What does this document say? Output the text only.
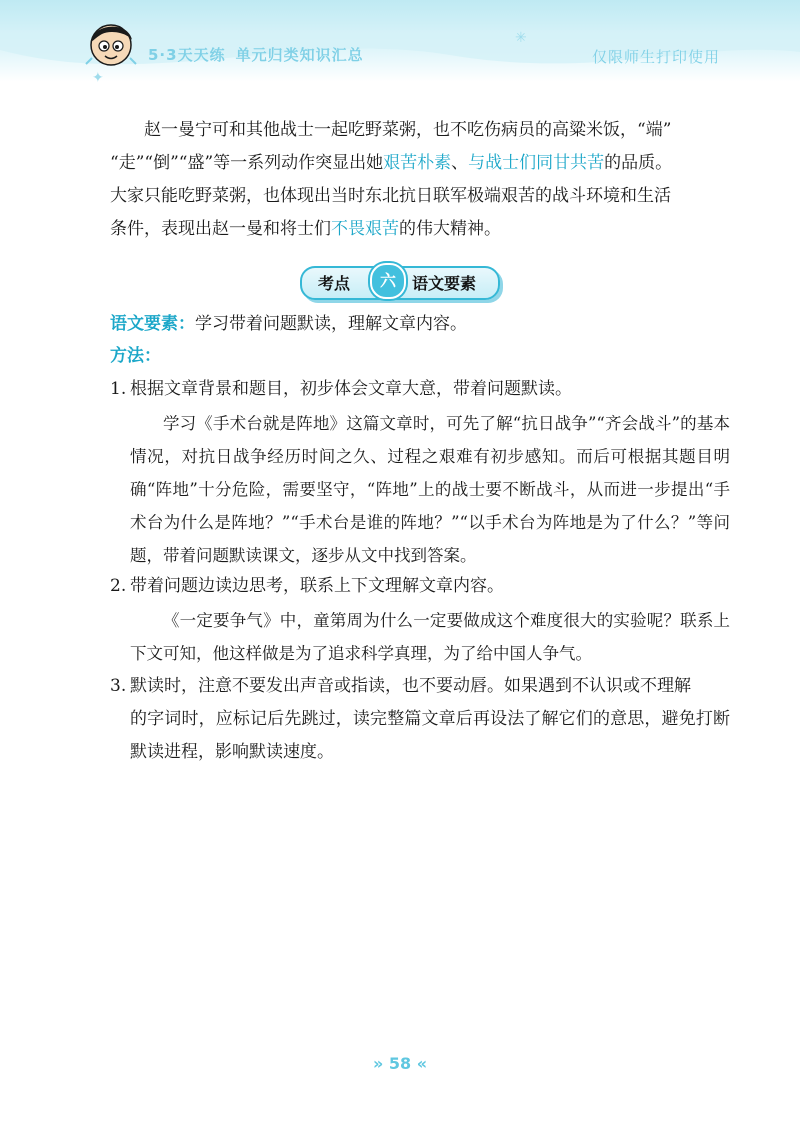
✳
✦
5·3天天练 单元归类知识汇总	仅限师生打印使用
赵一曼宁可和其他战士一起吃野菜粥，也不吃伤病员的高粱米饭，“端”
“走”“倒”“盛”等一系列动作突显出她艰苦朴素、与战士们同甘共苦的品质。
大家只能吃野菜粥，也体现出当时东北抗日联军极端艰苦的战斗环境和生活
条件，表现出赵一曼和将士们不畏艰苦的伟大精神。
考点	六	语文要素
语文要素：学习带着问题默读，理解文章内容。
方法：
1. 根据文章背景和题目，初步体会文章大意，带着问题默读。
学习《手术台就是阵地》这篇文章时，可先了解“抗日战争”“齐会战斗”的基本情况，对抗日战争经历时间之久、过程之艰难有初步感知。而后可根据其题目明确“阵地”十分危险，需要坚守，“阵地”上的战士要不断战斗，从而进一步提出“手术台为什么是阵地？”“手术台是谁的阵地？”“以手术台为阵地是为了什么？”等问题，带着问题默读课文，逐步从文中找到答案。
2. 带着问题边读边思考，联系上下文理解文章内容。
《一定要争气》中，童第周为什么一定要做成这个难度很大的实验呢？联系上下文可知，他这样做是为了追求科学真理，为了给中国人争气。
3. 默读时，注意不要发出声音或指读，也不要动唇。如果遇到不认识或不理解
的字词时，应标记后先跳过，读完整篇文章后再设法了解它们的意思，避免打断默读进程，影响默读速度。
» 58 «
